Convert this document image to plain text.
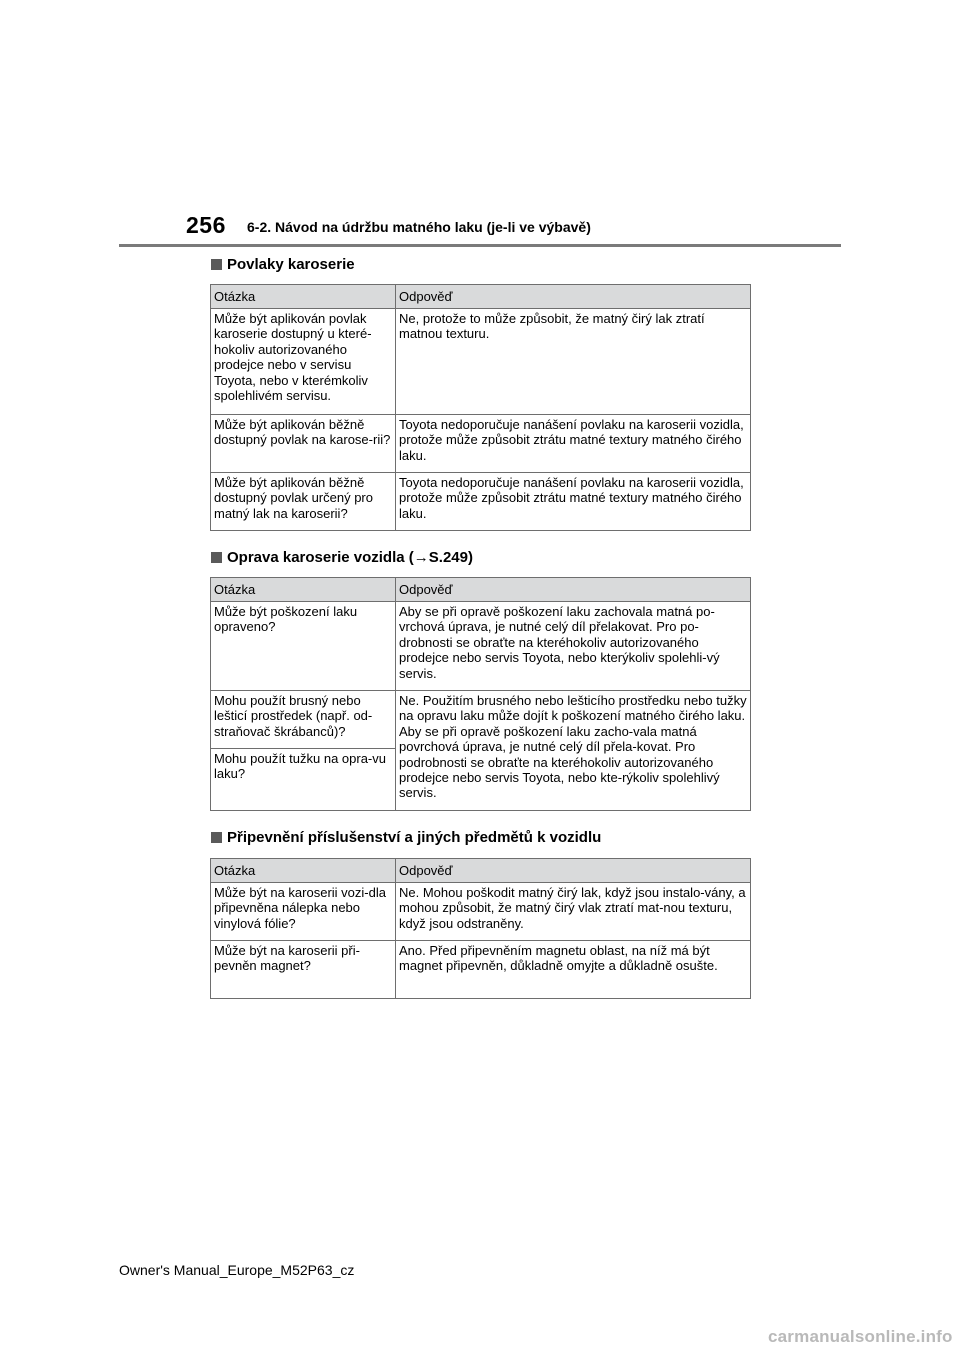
256 6-2. Návod na údržbu matného laku (je-li ve výbavě)
Povlaky karoserie
Otázka	Odpověď
Může být aplikován povlak karoserie dostupný u které-hokoliv autorizovaného prodejce nebo v servisu Toyota, nebo v kterémkoliv spolehlivém servisu.	Ne, protože to může způsobit, že matný čirý lak ztratí matnou texturu.
Může být aplikován běžně dostupný povlak na karose-rii?	Toyota nedoporučuje nanášení povlaku na karoserii vozidla, protože může způsobit ztrátu matné textury matného čirého laku.
Může být aplikován běžně dostupný povlak určený pro matný lak na karoserii?	Toyota nedoporučuje nanášení povlaku na karoserii vozidla, protože může způsobit ztrátu matné textury matného čirého laku.
Oprava karoserie vozidla ( → S.249)
Otázka	Odpověď
Může být poškození laku opraveno?	Aby se při opravě poškození laku zachovala matná po-vrchová úprava, je nutné celý díl přelakovat. Pro po-drobnosti se obraťte na kteréhokoliv autorizovaného prodejce nebo servis Toyota, nebo kterýkoliv spolehli-vý servis.
Mohu použít brusný nebo lešticí prostředek (např. od-straňovač škrábanců)?	Ne. Použitím brusného nebo lešticího prostředku nebo tužky na opravu laku může dojít k poškození matného čirého laku. Aby se při opravě poškození laku zacho-vala matná povrchová úprava, je nutné celý díl přela-kovat. Pro podrobnosti se obraťte na kteréhokoliv autorizovaného prodejce nebo servis Toyota, nebo kte-rýkoliv spolehlivý servis.
Mohu použít tužku na opra-vu laku?	
Připevnění příslušenství a jiných předmětů k vozidlu
Otázka	Odpověď
Může být na karoserii vozi-dla připevněna nálepka nebo vinylová fólie?	Ne. Mohou poškodit matný čirý lak, když jsou instalo-vány, a mohou způsobit, že matný čirý vlak ztratí mat-nou texturu, když jsou odstraněny.
Může být na karoserii při-pevněn magnet?	Ano. Před připevněním magnetu oblast, na níž má být magnet připevněn, důkladně omyjte a důkladně osušte.
Owner's Manual_Europe_M52P63_cz
carmanualsonline.info
